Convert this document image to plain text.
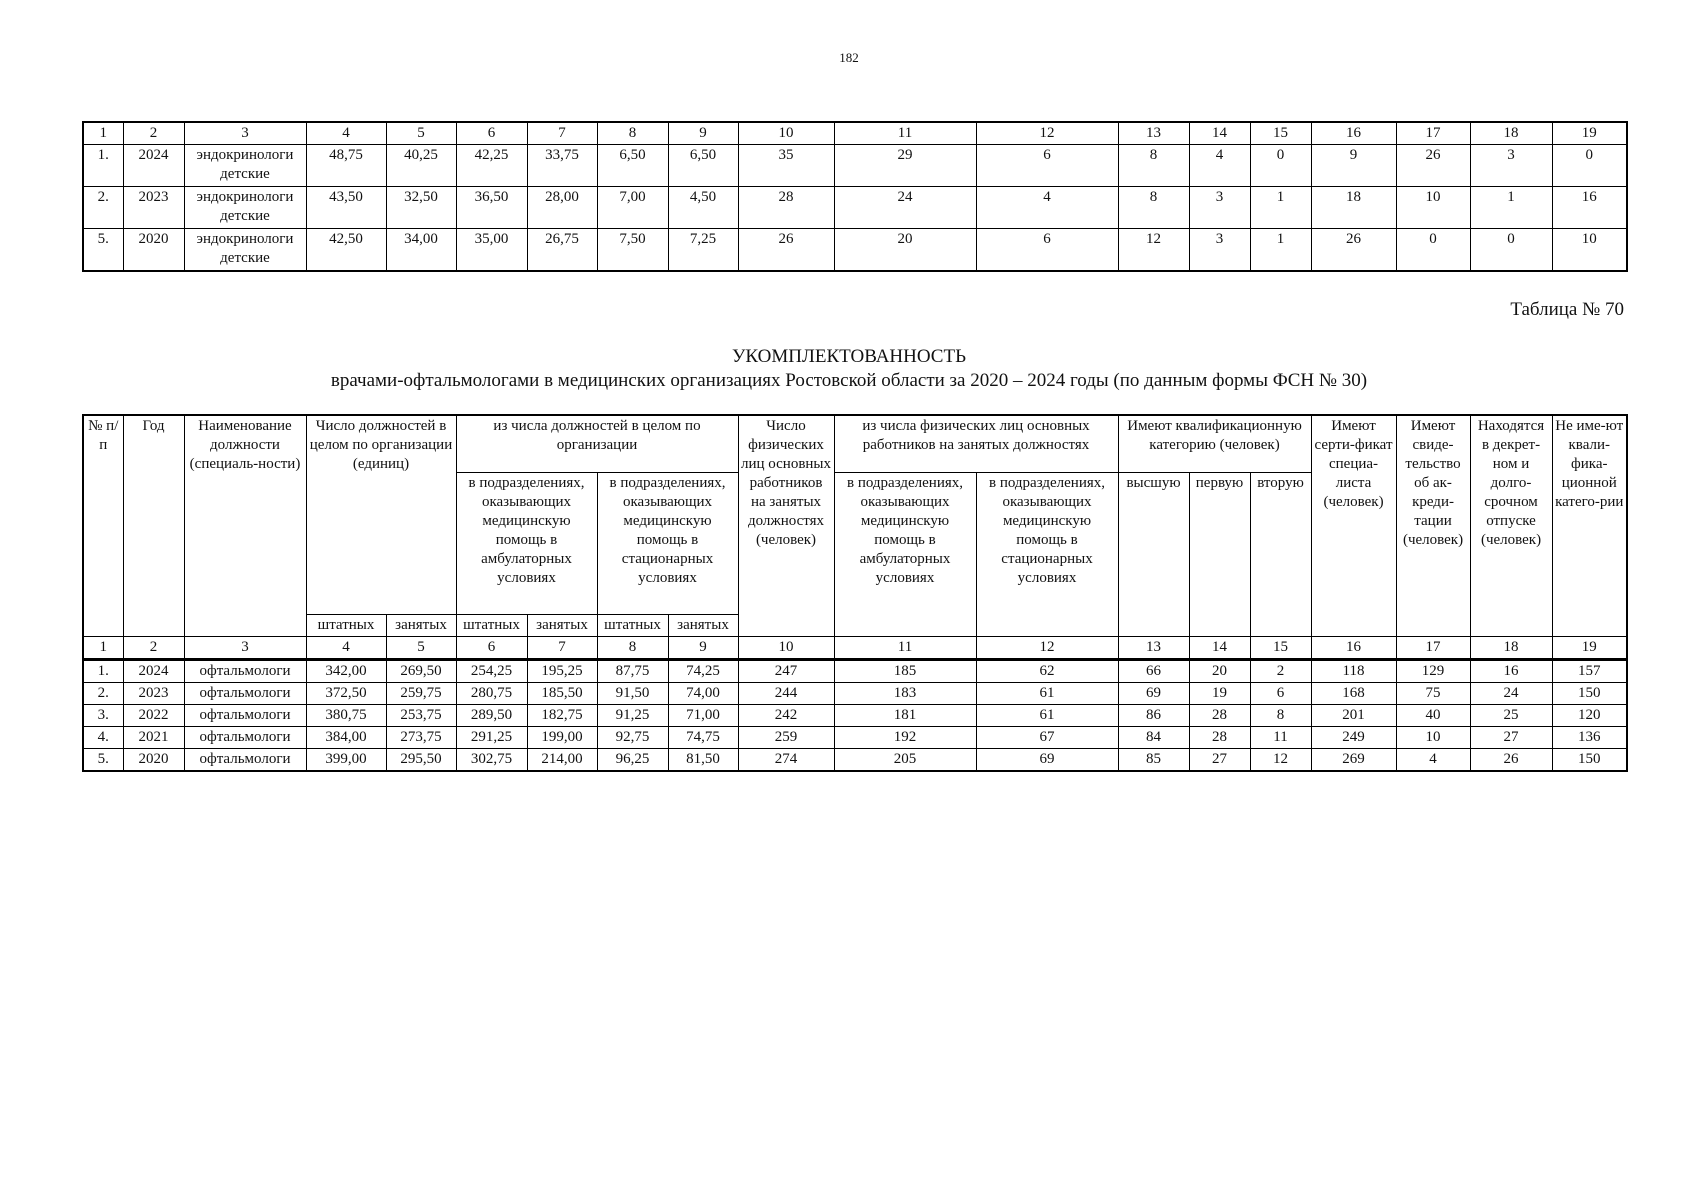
182
1	2	3	4	5	6	7	8	9	10	11	12	13	14	15	16	17	18	19
1.	2024	эндокринологи детские	48,75	40,25	42,25	33,75	6,50	6,50	35	29	6	8	4	0	9	26	3	0
2.	2023	эндокринологи детские	43,50	32,50	36,50	28,00	7,00	4,50	28	24	4	8	3	1	18	10	1	16
5.	2020	эндокринологи детские	42,50	34,00	35,00	26,75	7,50	7,25	26	20	6	12	3	1	26	0	0	10
Таблица № 70
УКОМПЛЕКТОВАННОСТЬ
врачами-офтальмологами в медицинских организациях Ростовской области за 2020 – 2024 годы (по данным формы ФСН № 30)
№ п/п	Год	Наименование должности (специаль-ности)	Число должностей в целом по организации (единиц)		из числа должностей в целом по организации				Число физических лиц основных работников на занятых должностях (человек)	из числа физических лиц основных работников на занятых должностях		Имеют квалификационную категорию (человек)			Имеют серти-фикат специа-листа (человек)	Имеют свиде-тельство об ак-креди-тации (человек)	Находятся в декрет-ном и долго-срочном отпуске (человек)	Не име-ют квали-фика-ционной катего-рии
					в подразделениях, оказывающих медицинскую помощь в амбулаторных условиях		в подразделениях, оказывающих медицинскую помощь в стационарных условиях			в подразделениях, оказывающих медицинскую помощь в амбулаторных условиях	в подразделениях, оказывающих медицинскую помощь в стационарных условиях	высшую	первую	вторую				
			штатных	занятых	штатных	занятых	штатных	занятых										
1	2	3	4	5	6	7	8	9	10	11	12	13	14	15	16	17	18	19
1.	2024	офтальмологи	342,00	269,50	254,25	195,25	87,75	74,25	247	185	62	66	20	2	118	129	16	157
2.	2023	офтальмологи	372,50	259,75	280,75	185,50	91,50	74,00	244	183	61	69	19	6	168	75	24	150
3.	2022	офтальмологи	380,75	253,75	289,50	182,75	91,25	71,00	242	181	61	86	28	8	201	40	25	120
4.	2021	офтальмологи	384,00	273,75	291,25	199,00	92,75	74,75	259	192	67	84	28	11	249	10	27	136
5.	2020	офтальмологи	399,00	295,50	302,75	214,00	96,25	81,50	274	205	69	85	27	12	269	4	26	150
